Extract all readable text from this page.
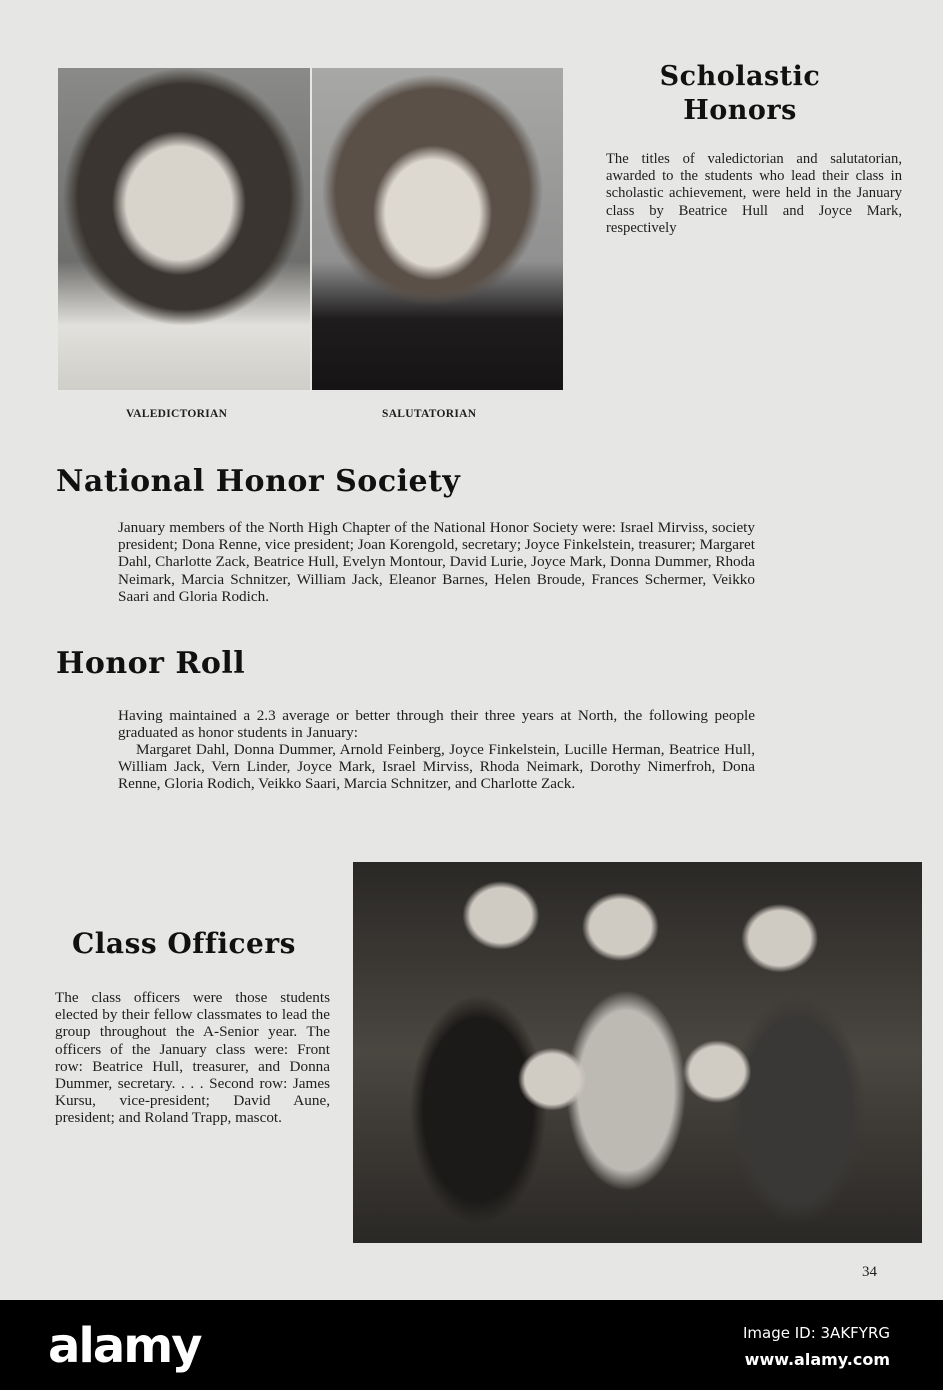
VALEDICTORIAN	SALUTATORIAN
Scholastic
Honors
The titles of valedictorian and salutatorian, awarded to the students who lead their class in scholastic achievement, were held in the January class by Beatrice Hull and Joyce Mark, respectively
National Honor Society
January members of the North High Chapter of the National Honor Society were: Israel Mirviss, society president; Dona Renne, vice president; Joan Korengold, secretary; Joyce Finkelstein, treasurer; Margaret Dahl, Charlotte Zack, Beatrice Hull, Evelyn Montour, David Lurie, Joyce Mark, Donna Dummer, Rhoda Neimark, Marcia Schnitzer, William Jack, Eleanor Barnes, Helen Broude, Frances Schermer, Veikko Saari and Gloria Rodich.
Honor Roll
Having maintained a 2.3 average or better through their three years at North, the following people graduated as honor students in January:
Margaret Dahl, Donna Dummer, Arnold Feinberg, Joyce Finkelstein, Lucille Herman, Beatrice Hull, William Jack, Vern Linder, Joyce Mark, Israel Mirviss, Rhoda Neimark, Dorothy Nimerfroh, Dona Renne, Gloria Rodich, Veikko Saari, Marcia Schnitzer, and Charlotte Zack.
Class Officers
The class officers were those students elected by their fellow classmates to lead the group throughout the A-Senior year. The officers of the January class were: Front row: Beatrice Hull, treasurer, and Donna Dummer, secretary. . . . Second row: James Kursu, vice-president; David Aune, president; and Roland Trapp, mascot.
34
alamy	Image ID: 3AKFYRG
www.alamy.com
